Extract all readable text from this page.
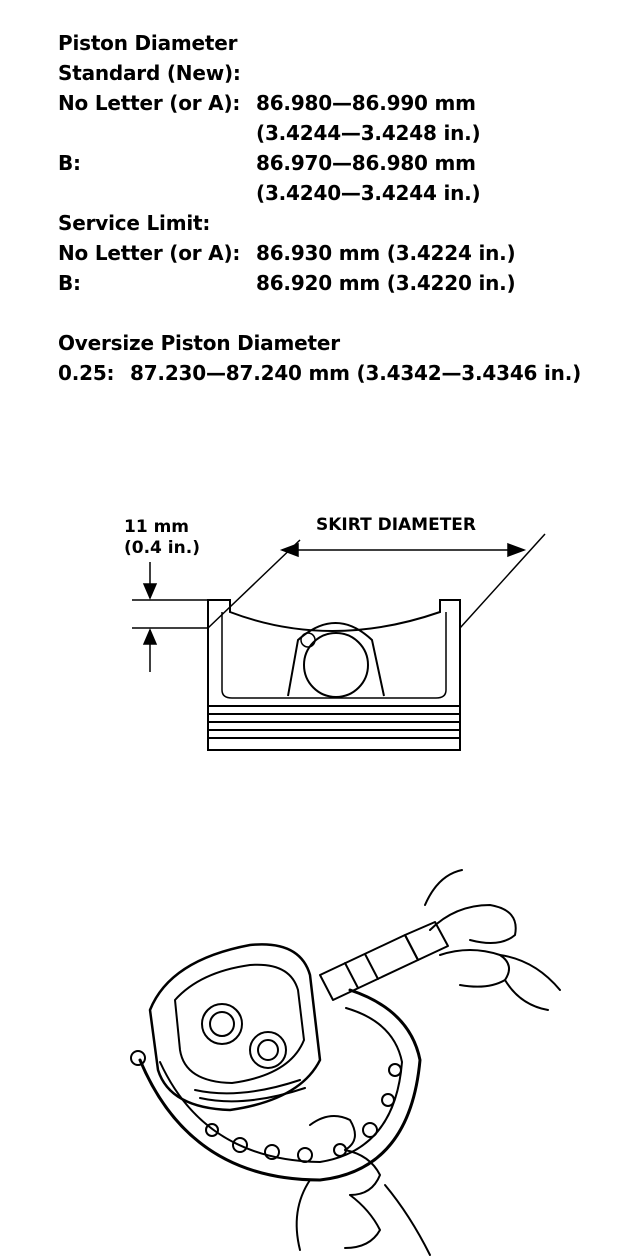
Piston Diameter
Standard (New):
No Letter (or A): 86.980—86.990 mm
(3.4244—3.4248 in.)
B:	86.970—86.980 mm
(3.4240—3.4244 in.)
Service Limit:
No Letter (or A): 86.930 mm (3.4224 in.)
B:	86.920 mm (3.4220 in.)
Oversize Piston Diameter
0.25: 87.230—87.240 mm (3.4342—3.4346 in.)
11 mm
(0.4 in.)
SKIRT DIAMETER
